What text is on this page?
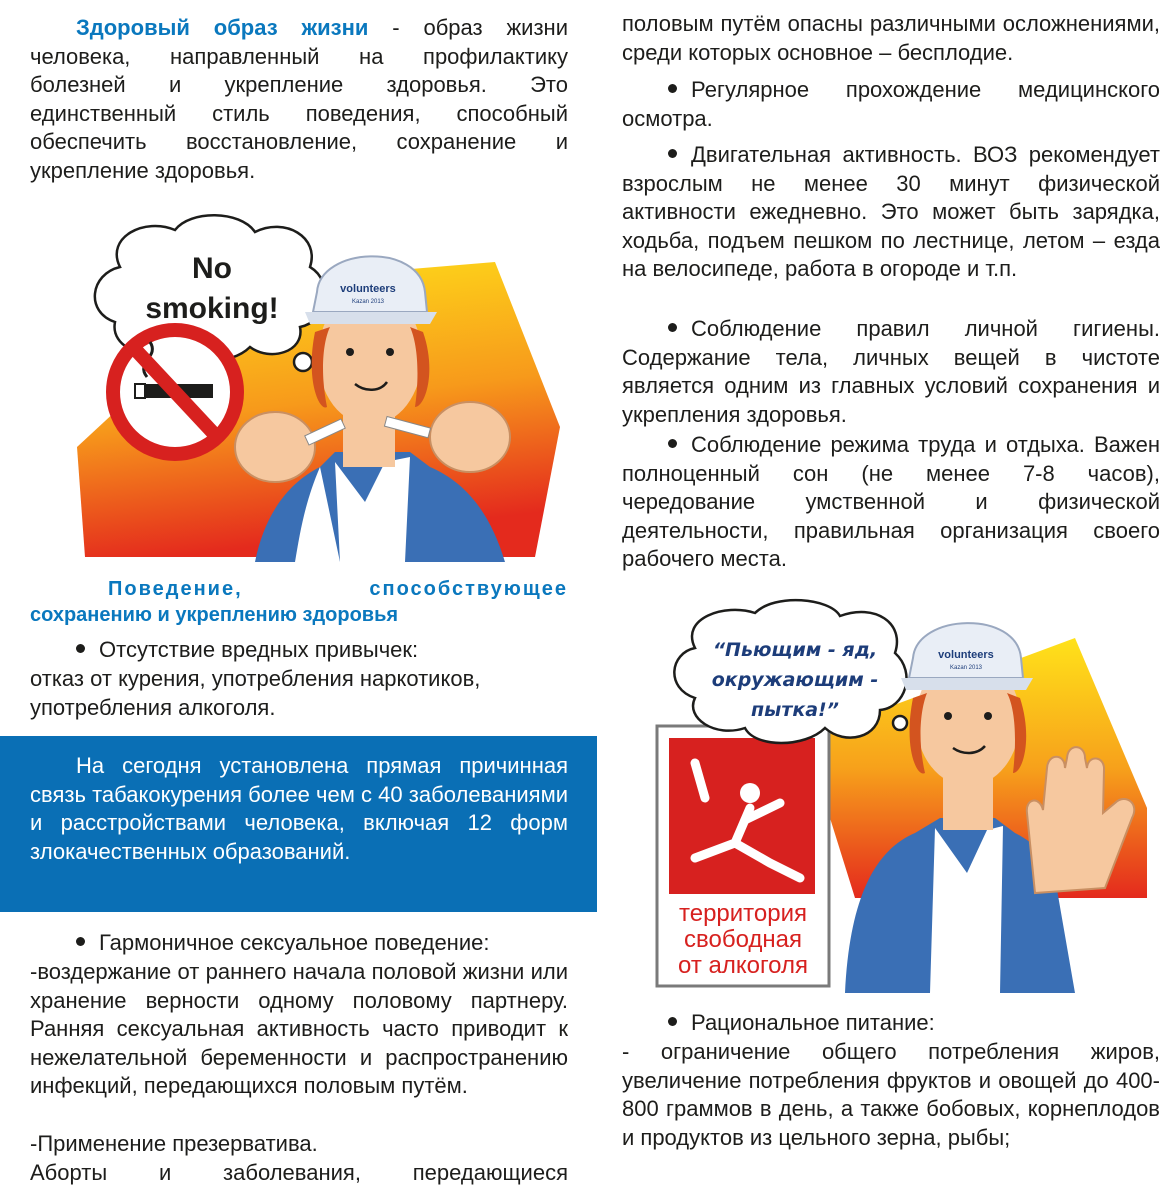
Здоровый образ жизни - образ жизни человека, направленный на профилактику болезней и укрепление здоровья. Это единственный стиль поведения, способный обеспечить восстановление, сохранение и укрепление здоровья.

No
smoking!
volunteers
Kazan 2013
Поведение, способствующее
сохранению и укреплению здоровья

Отсутствие вредных привычек:

отказ от курения, употребления наркотиков, употребления алкоголя.

На сегодня установлена прямая причинная связь табакокурения более чем с 40 заболеваниями и расстройствами человека, включая 12 форм злокачественных образований.

Гармоничное сексуальное поведение:

-воздержание от раннего начала половой жизни или хранение верности одному половому партнеру. Ранняя сексуальная активность часто приводит к нежелательной беременности и распространению инфекций, передающихся половым путём.

-Применение презерватива.

Аборты и заболевания, передающиеся

половым путём опасны различными осложнениями, среди которых основное – бесплодие.

Регулярное прохождение медицинского осмотра.

Двигательная активность. ВОЗ рекомендует взрослым не менее 30 минут физической активности ежедневно. Это может быть зарядка, ходьба, подъем пешком по лестнице, летом – езда на велосипеде, работа в огороде и т.п.

Соблюдение правил личной гигиены. Содержание тела, личных вещей в чистоте является одним из главных условий сохранения и укрепления здоровья.

Соблюдение режима труда и отдыха. Важен полноценный сон (не менее 7-8 часов), чередование умственной и физической деятельности, правильная организация своего рабочего места.

территория
свободная
от алкоголя
“Пьющим - яд,
окружающим -
пытка!”
volunteers
Kazan 2013

Рациональное питание:

- ограничение общего потребления жиров, увеличение потребления фруктов и овощей до 400-800 граммов в день, а также бобовых, корнеплодов и продуктов из цельного зерна, рыбы;
